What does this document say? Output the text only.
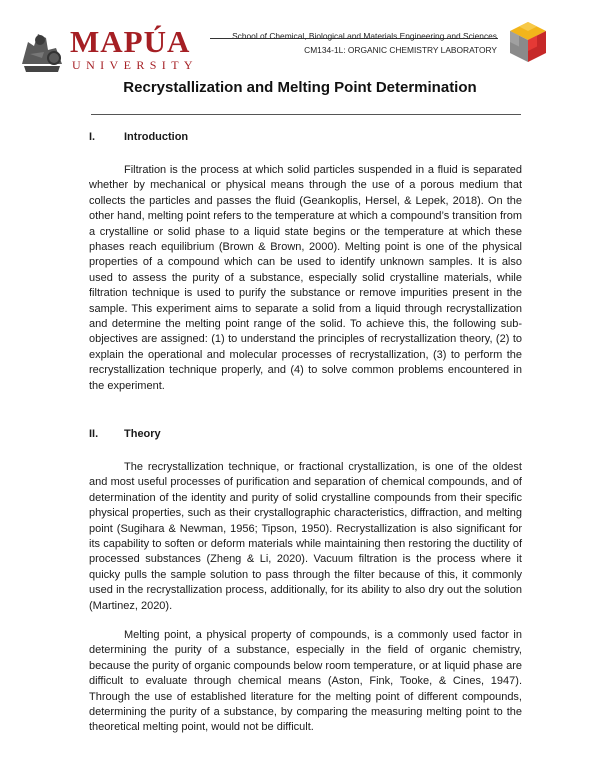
MAPÚA
UNIVERSITY
School of Chemical, Biological and Materials Engineering and Sciences
CM134-1L: ORGANIC CHEMISTRY LABORATORY
Recrystallization and Melting Point Determination
I.	Introduction

Filtration is the process at which solid particles suspended in a fluid is separated whether by mechanical or physical means through the use of a porous medium that collects the particles and passes the fluid (Geankoplis, Hersel, & Lepek, 2018). On the other hand, melting point refers to the temperature at which a compound’s transition from a crystalline or solid phase to a liquid state begins or the temperature at which these phases reach equilibrium (Brown & Brown, 2000). Melting point is one of the physical properties of a compound which can be used to identify unknown samples. It is also used to assess the purity of a substance, especially solid crystalline materials, while filtration technique is used to purify the substance or remove impurities present in the sample. This experiment aims to separate a solid from a liquid through recrystallization and determine the melting point range of the solid. To achieve this, the following sub-objectives are assigned: (1) to understand the principles of recrystallization theory, (2) to explain the operational and molecular processes of recrystallization, (3) to perform the recrystallization technique properly, and (4) to solve common problems encountered in the experiment.

II. Theory

The recrystallization technique, or fractional crystallization, is one of the oldest and most useful processes of purification and separation of chemical compounds, and of determination of the identity and purity of solid crystalline compounds from their specific physical properties, such as their crystallographic characteristics, diffraction, and melting point (Sugihara & Newman, 1956; Tipson, 1950). Recrystallization is also significant for its capability to soften or deform materials while maintaining then restoring the ductility of processed substances (Zheng & Li, 2020). Vacuum filtration is the process where it quicky pulls the sample solution to pass through the filter because of this, it commonly used in the recrystallization process, additionally, for its ability to also dry out the solution (Martinez, 2020).

Melting point, a physical property of compounds, is a commonly used factor in determining the purity of a substance, especially in the field of organic chemistry, because the purity of organic compounds below room temperature, or at liquid phase are difficult to evaluate through chemical means (Aston, Fink, Tooke, & Cines, 1947). Through the use of established literature for the melting point of different compounds, determining the purity of a substance, by comparing the measuring melting point to the theoretical melting point, would not be difficult.
